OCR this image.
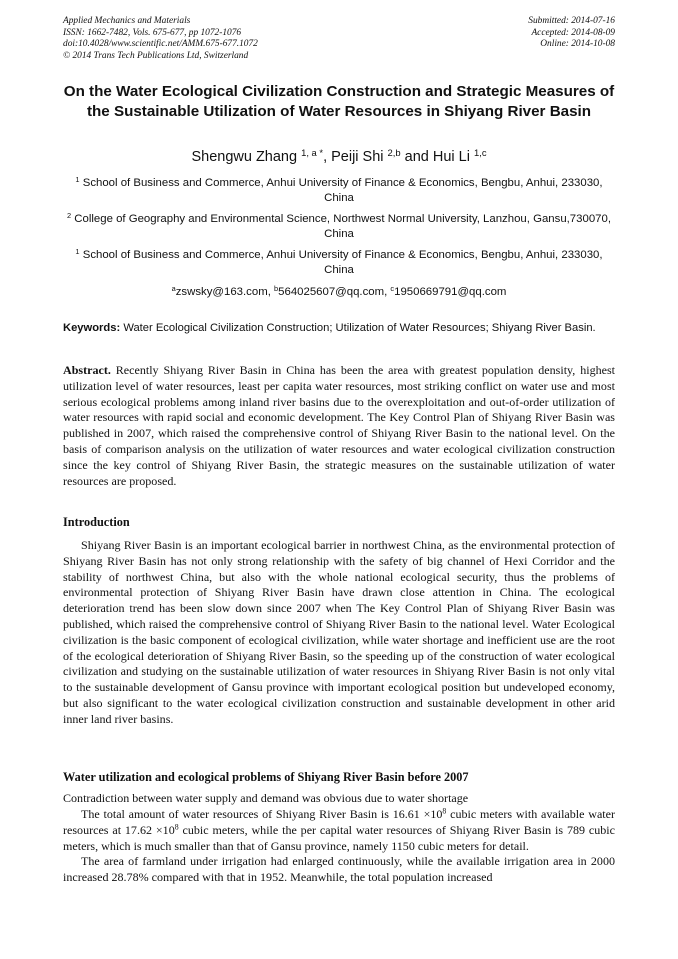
Applied Mechanics and Materials
ISSN: 1662-7482, Vols. 675-677, pp 1072-1076
doi:10.4028/www.scientific.net/AMM.675-677.1072
© 2014 Trans Tech Publications Ltd, Switzerland
Submitted: 2014-07-16
Accepted: 2014-08-09
Online: 2014-10-08
On the Water Ecological Civilization Construction and Strategic Measures of the Sustainable Utilization of Water Resources in Shiyang River Basin
Shengwu Zhang $^{1, a *}$, Peiji Shi $^{2,b}$ and Hui Li $^{1,c}$
$^1$ School of Business and Commerce, Anhui University of Finance & Economics, Bengbu, Anhui, 233030, China
$^2$ College of Geography and Environmental Science, Northwest Normal University, Lanzhou, Gansu,730070, China
$^1$ School of Business and Commerce, Anhui University of Finance & Economics, Bengbu, Anhui, 233030, China
$^a$zswsky@163.com, $^b$564025607@qq.com, $^c$1950669791@qq.com
Keywords: Water Ecological Civilization Construction; Utilization of Water Resources; Shiyang River Basin.

Abstract. Recently Shiyang River Basin in China has been the area with greatest population density, highest utilization level of water resources, least per capita water resources, most striking conflict on water use and most serious ecological problems among inland river basins due to the overexploitation and out-of-order utilization of water resources with rapid social and economic development. The Key Control Plan of Shiyang River Basin was published in 2007, which raised the comprehensive control of Shiyang River Basin to the national level. On the basis of comparison analysis on the utilization of water resources and water ecological civilization construction since the key control of Shiyang River Basin, the strategic measures on the sustainable utilization of water resources are proposed.

Introduction

Shiyang River Basin is an important ecological barrier in northwest China, as the environmental protection of Shiyang River Basin has not only strong relationship with the safety of big channel of Hexi Corridor and the stability of northwest China, but also with the whole national ecological security, thus the problems of environmental protection of Shiyang River Basin have drawn close attention in China. The ecological deterioration trend has been slow down since 2007 when The Key Control Plan of Shiyang River Basin was published, which raised the comprehensive control of Shiyang River Basin to the national level. Water Ecological civilization is the basic component of ecological civilization, while water shortage and inefficient use are the root of the ecological deterioration of Shiyang River Basin, so the speeding up of the construction of water ecological civilization and studying on the sustainable utilization of water resources in Shiyang River Basin is not only vital to the sustainable development of Gansu province with important ecological position but undeveloped economy, but also significant to the water ecological civilization construction and sustainable development in other arid inner land river basins.

Water utilization and ecological problems of Shiyang River Basin before 2007
Contradiction between water supply and demand was obvious due to water shortage

The total amount of water resources of Shiyang River Basin is $16.61 \times 10^8$ cubic meters with available water resources at $17.62 \times 10^8$ cubic meters, while the per capital water resources of Shiyang River Basin is 789 cubic meters, which is much smaller than that of Gansu province, namely 1150 cubic meters for detail.

The area of farmland under irrigation had enlarged continuously, while the available irrigation area in 2000 increased 28.78% compared with that in 1952. Meanwhile, the total population increased
